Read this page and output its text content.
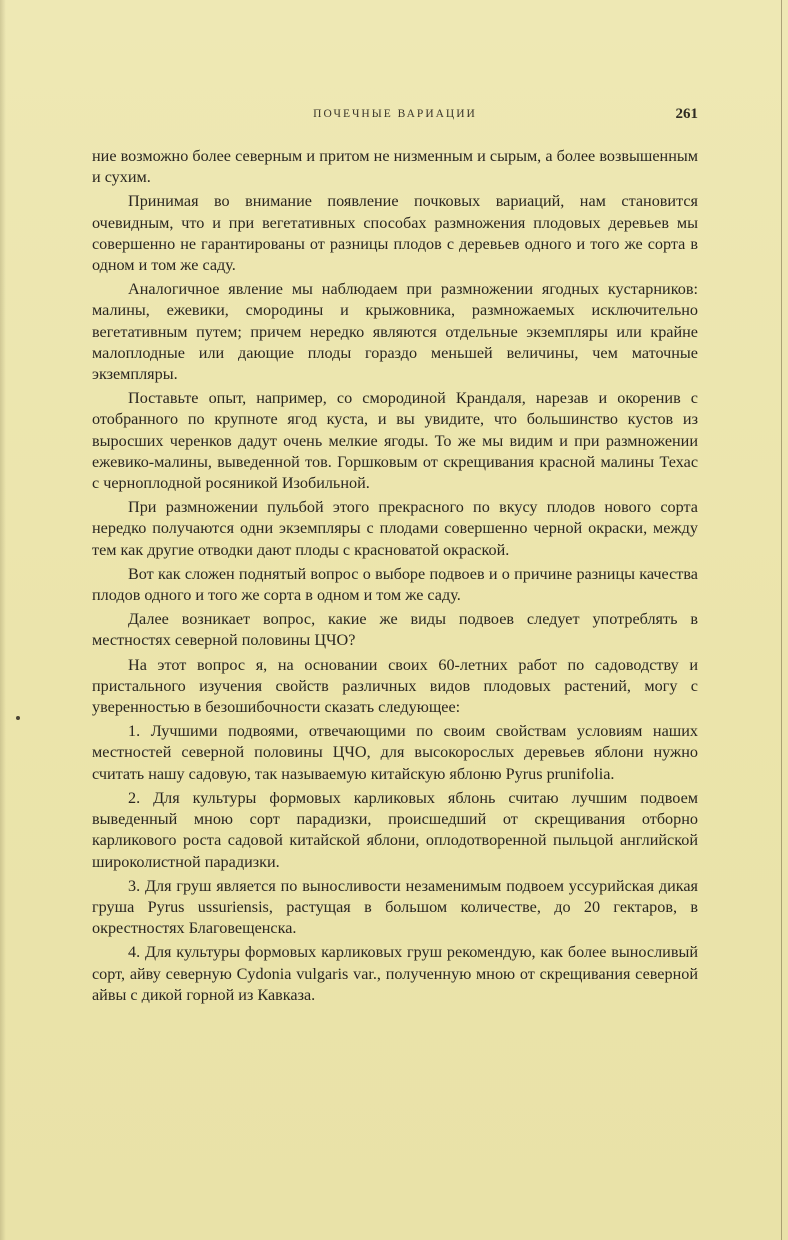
ПОЧЕЧНЫЕ ВАРИАЦИИ	261

ние возможно более северным и притом не низменным и сырым, а более возвышенным и сухим.

Принимая во внимание появление почковых вариаций, нам становится очевидным, что и при вегетативных способах размножения плодовых деревьев мы совершенно не гарантированы от разницы плодов с деревьев одного и того же сорта в одном и том же саду.

Аналогичное явление мы наблюдаем при размножении ягодных кустарников: малины, ежевики, смородины и крыжовника, размножаемых исключительно вегетативным путем; причем нередко являются отдельные экземпляры или крайне малоплодные или дающие плоды гораздо меньшей величины, чем маточные экземпляры.

Поставьте опыт, например, со смородиной Крандаля, нарезав и окоренив с отобранного по крупноте ягод куста, и вы увидите, что большинство кустов из выросших черенков дадут очень мелкие ягоды. То же мы видим и при размножении ежевико-малины, выведенной тов. Горшковым от скрещивания красной малины Техас с черноплодной росяникой Изобильной.

При размножении пульбой этого прекрасного по вкусу плодов нового сорта нередко получаются одни экземпляры с плодами совершенно черной окраски, между тем как другие отводки дают плоды с красноватой окраской.

Вот как сложен поднятый вопрос о выборе подвоев и о причине разницы качества плодов одного и того же сорта в одном и том же саду.

Далее возникает вопрос, какие же виды подвоев следует употреблять в местностях северной половины ЦЧО?

На этот вопрос я, на основании своих 60-летних работ по садоводству и пристального изучения свойств различных видов плодовых растений, могу с уверенностью в безошибочности сказать следующее:

1. Лучшими подвоями, отвечающими по своим свойствам условиям наших местностей северной половины ЦЧО, для высокорослых деревьев яблони нужно считать нашу садовую, так называемую китайскую яблоню Pyrus prunifolia.

2. Для культуры формовых карликовых яблонь считаю лучшим подвоем выведенный мною сорт парадизки, происшедший от скрещивания отборно карликового роста садовой китайской яблони, оплодотворенной пыльцой английской широколистной парадизки.

3. Для груш является по выносливости незаменимым подвоем уссурийская дикая груша Pyrus ussuriensis, растущая в большом количестве, до 20 гектаров, в окрестностях Благовещенска.

4. Для культуры формовых карликовых груш рекомендую, как более выносливый сорт, айву северную Cydonia vulgaris var., полученную мною от скрещивания северной айвы с дикой горной из Кавказа.
